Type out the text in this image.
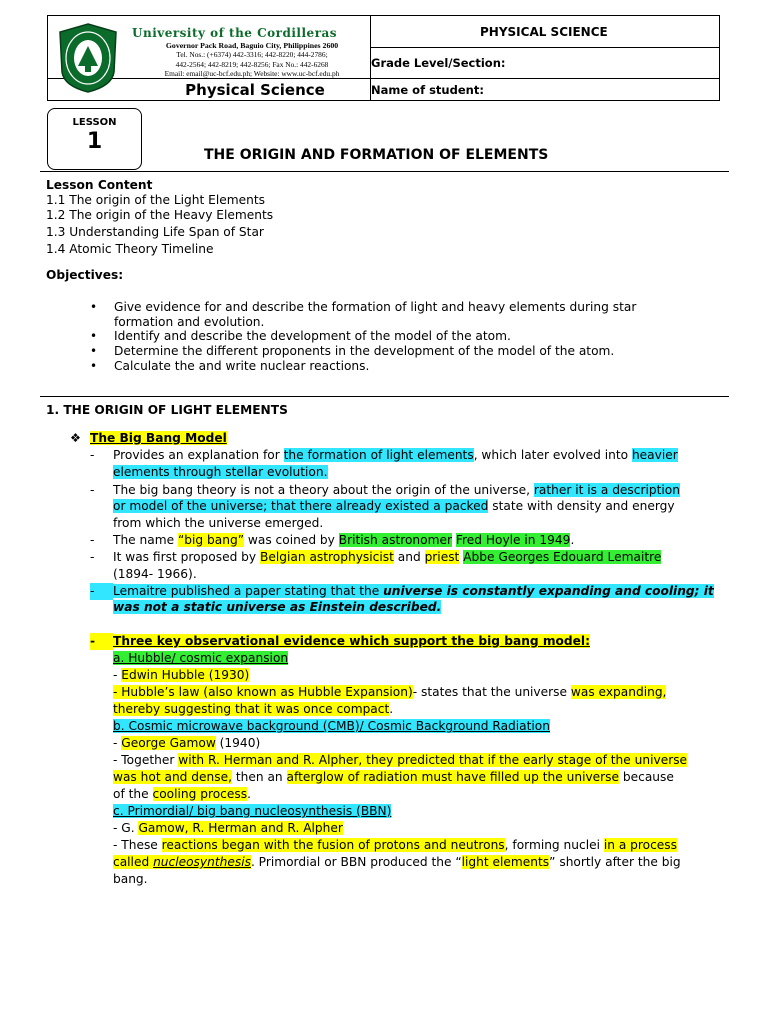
University of the Cordilleras
Governor Pack Road, Baguio City, Philippines 2600
Tel. Nos.: (+6374) 442-3316; 442-8220; 444-2786;
442-2564; 442-8219; 442-8256; Fax No.: 442-6268
Email: email@uc-bcf.edu.ph; Website: www.uc-bcf.edu.ph
Physical Science
PHYSICAL SCIENCE
Grade Level/Section:
Name of student:
LESSON
1
THE ORIGIN AND FORMATION OF ELEMENTS
Lesson Content
1.1 The origin of the Light Elements
1.2 The origin of the Heavy Elements
1.3 Understanding Life Span of Star
1.4 Atomic Theory Timeline
Objectives:
• Give evidence for and describe the formation of light and heavy elements during star
formation and evolution.
• Identify and describe the development of the model of the atom.
• Determine the different proponents in the development of the model of the atom.
• Calculate the and write nuclear reactions.
1. THE ORIGIN OF LIGHT ELEMENTS
❖ The Big Bang Model
- Provides an explanation for the formation of light elements, which later evolved into heavier
elements through stellar evolution.
- The big bang theory is not a theory about the origin of the universe, rather it is a description
or model of the universe; that there already existed a packed state with density and energy
from which the universe emerged.
- The name “big bang” was coined by British astronomer Fred Hoyle in 1949.
- It was first proposed by Belgian astrophysicist and priest Abbe Georges Edouard Lemaitre
(1894- 1966).
-	Lemaitre published a paper stating that the universe is constantly expanding and cooling; it
was not a static universe as Einstein described.
-	Three key observational evidence which support the big bang model:
a. Hubble/ cosmic expansion
- Edwin Hubble (1930)
- Hubble’s law (also known as Hubble Expansion)- states that the universe was expanding,
thereby suggesting that it was once compact.
b. Cosmic microwave background (CMB)/ Cosmic Background Radiation
- George Gamow (1940)
- Together with R. Herman and R. Alpher, they predicted that if the early stage of the universe
was hot and dense, then an afterglow of radiation must have filled up the universe because
of the cooling process.
c. Primordial/ big bang nucleosynthesis (BBN)
- G. Gamow, R. Herman and R. Alpher
- These reactions began with the fusion of protons and neutrons, forming nuclei in a process
called nucleosynthesis. Primordial or BBN produced the “light elements” shortly after the big
bang.
